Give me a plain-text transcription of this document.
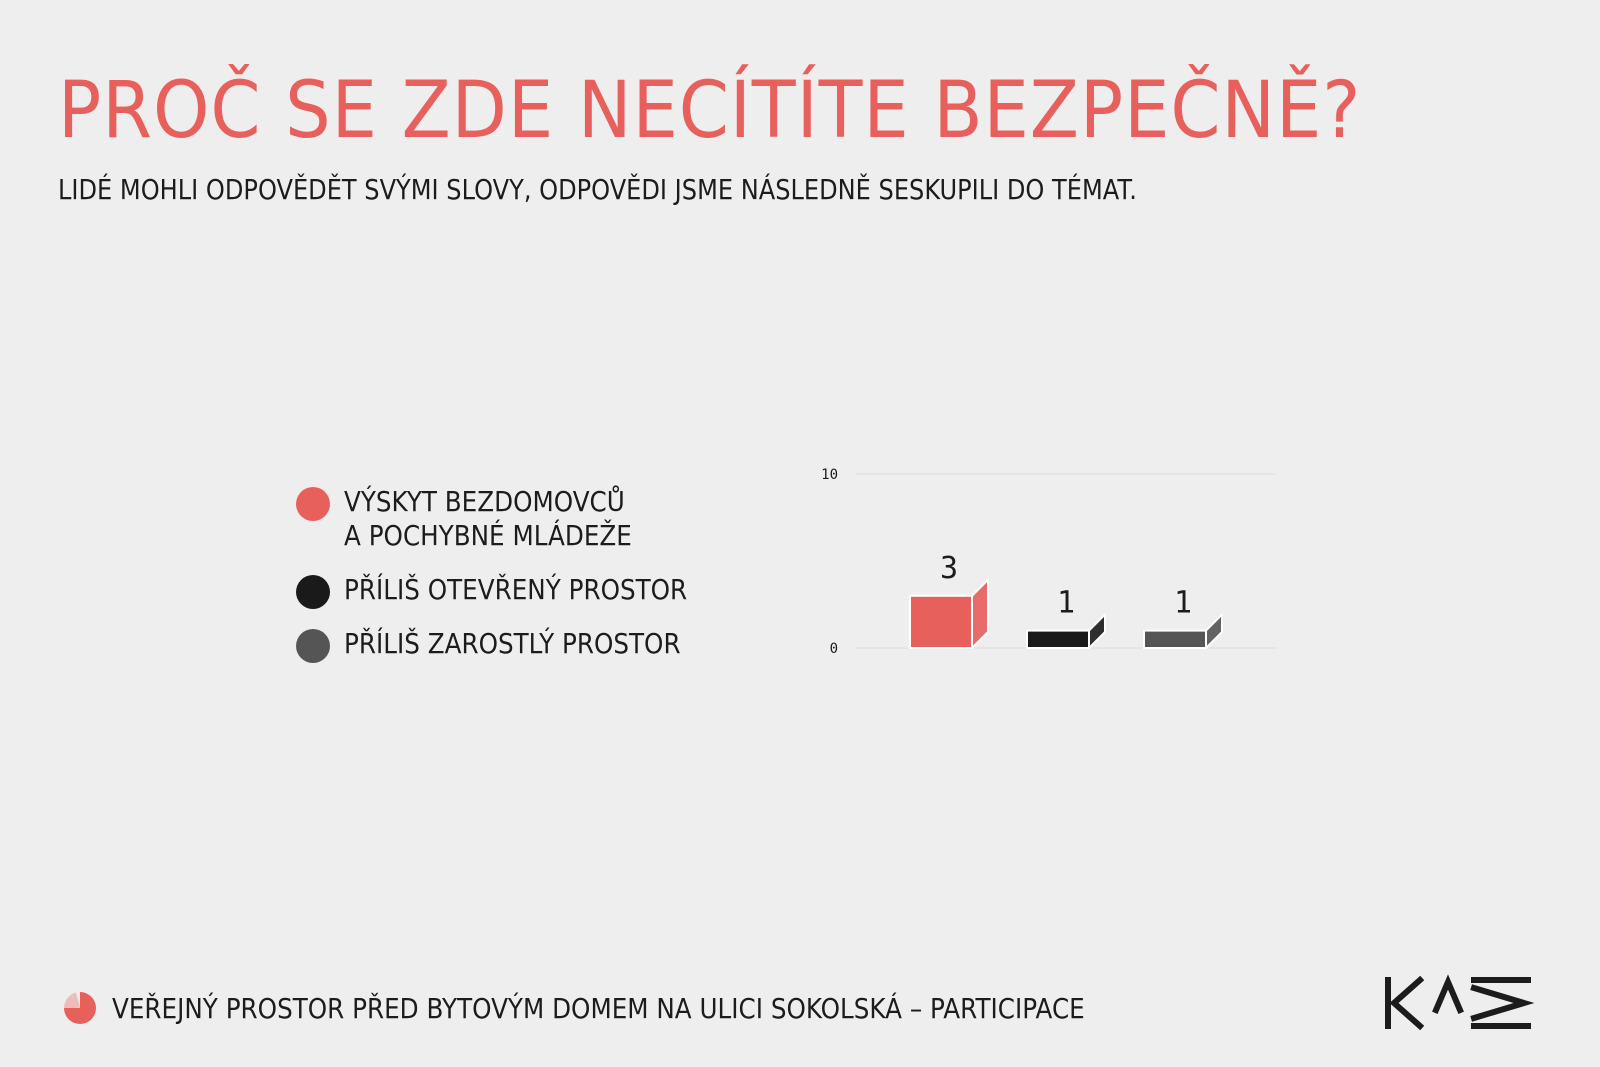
PROČ SE ZDE NECÍTÍTE BEZPEČNĚ?
LIDÉ MOHLI ODPOVĚDĚT SVÝMI SLOVY, ODPOVĚDI JSME NÁSLEDNĚ SESKUPILI DO TÉMAT.
VÝSKYT BEZDOMOVCŮ
A POCHYBNÉ MLÁDEŽE
PŘÍLIŠ OTEVŘENÝ PROSTOR
PŘÍLIŠ ZAROSTLÝ PROSTOR	0
10
3
1	1
VEŘEJNÝ PROSTOR PŘED BYTOVÝM DOMEM NA ULICI SOKOLSKÁ – PARTICIPACE
